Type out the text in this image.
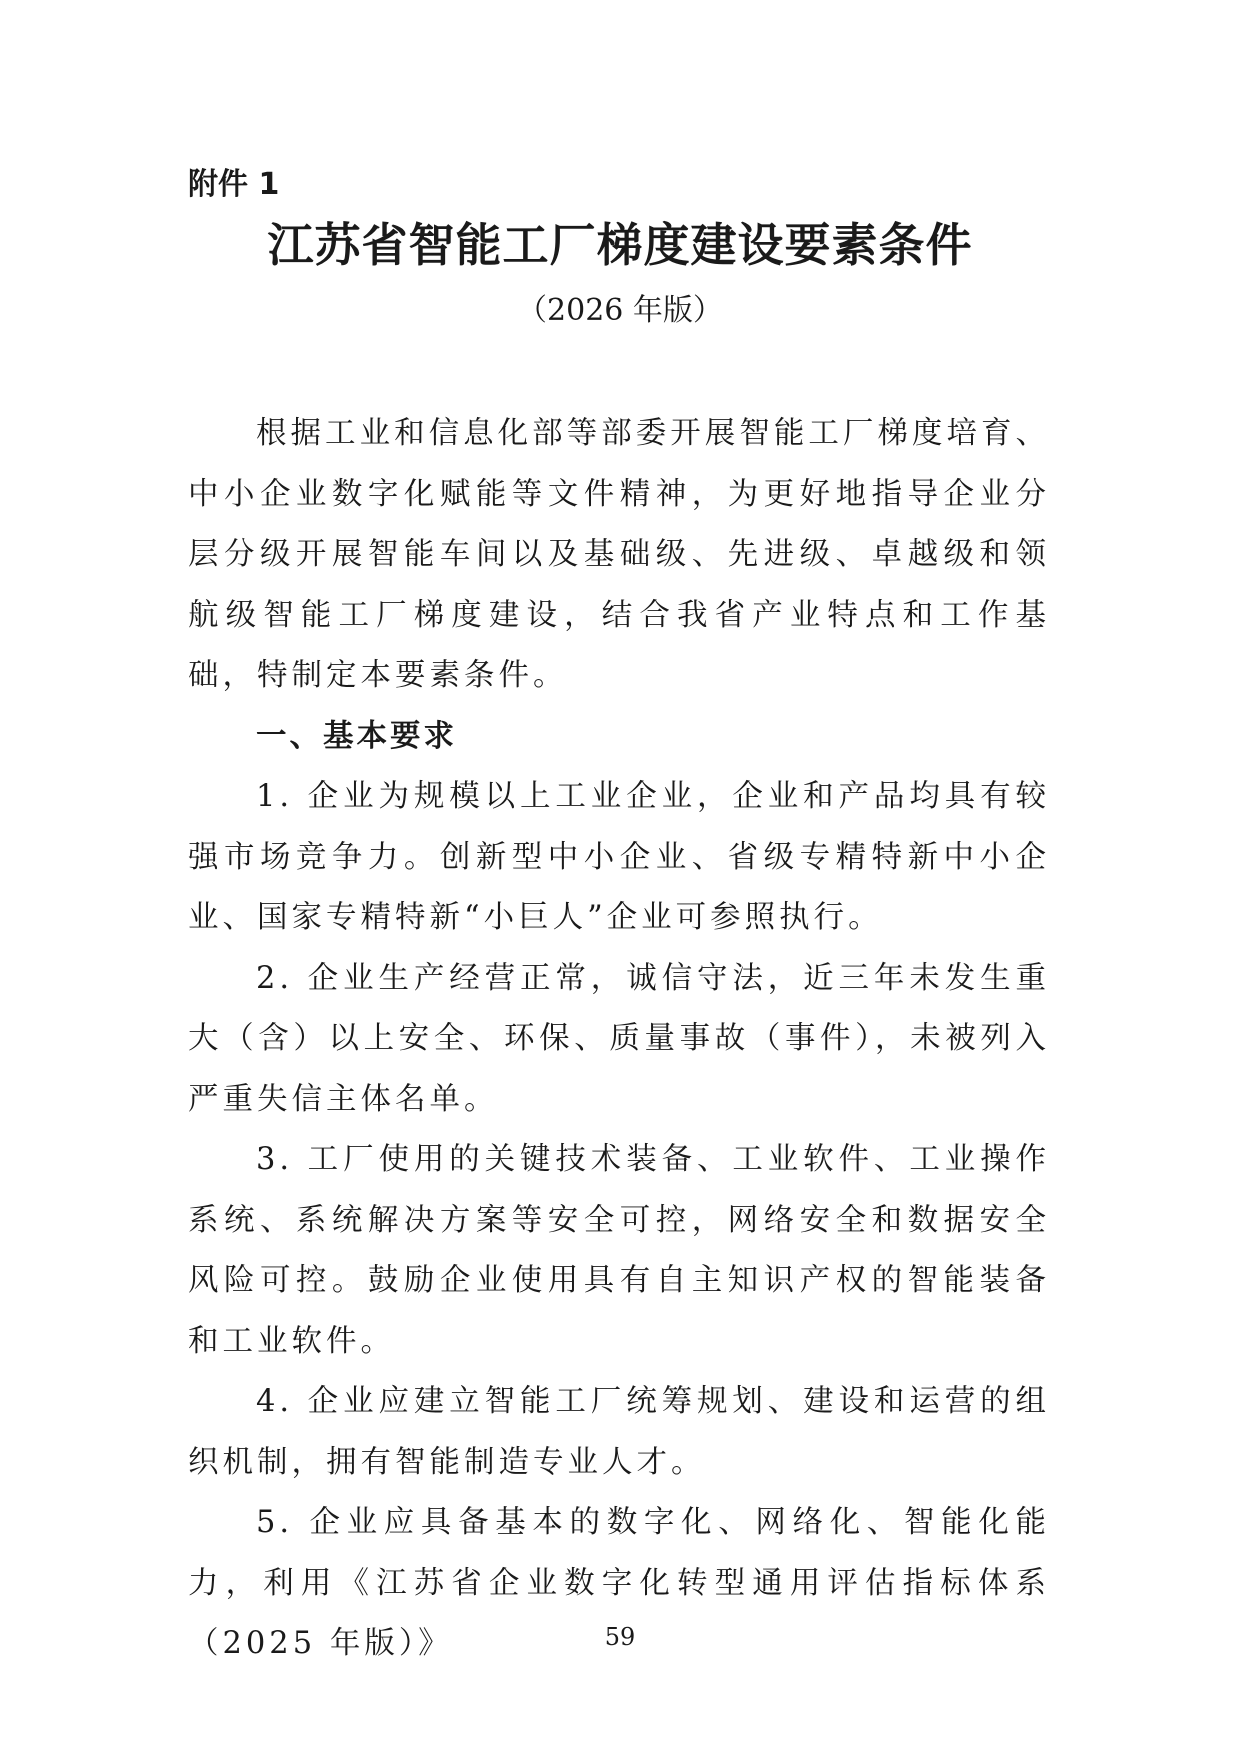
附件 1
江苏省智能工厂梯度建设要素条件
（2026 年版）

根据工业和信息化部等部委开展智能工厂梯度培育、中小企业数字化赋能等文件精神，为更好地指导企业分层分级开展智能车间以及基础级、先进级、卓越级和领航级智能工厂梯度建设，结合我省产业特点和工作基础，特制定本要素条件。

一、基本要求

1. 企业为规模以上工业企业，企业和产品均具有较强市场竞争力。创新型中小企业、省级专精特新中小企业、国家专精特新“小巨人”企业可参照执行。

2. 企业生产经营正常，诚信守法，近三年未发生重大（含）以上安全、环保、质量事故（事件），未被列入严重失信主体名单。

3. 工厂使用的关键技术装备、工业软件、工业操作系统、系统解决方案等安全可控，网络安全和数据安全风险可控。鼓励企业使用具有自主知识产权的智能装备和工业软件。

4. 企业应建立智能工厂统筹规划、建设和运营的组织机制，拥有智能制造专业人才。

5. 企业应具备基本的数字化、网络化、智能化能力，利用《江苏省企业数字化转型通用评估指标体系（2025 年版）》	59
